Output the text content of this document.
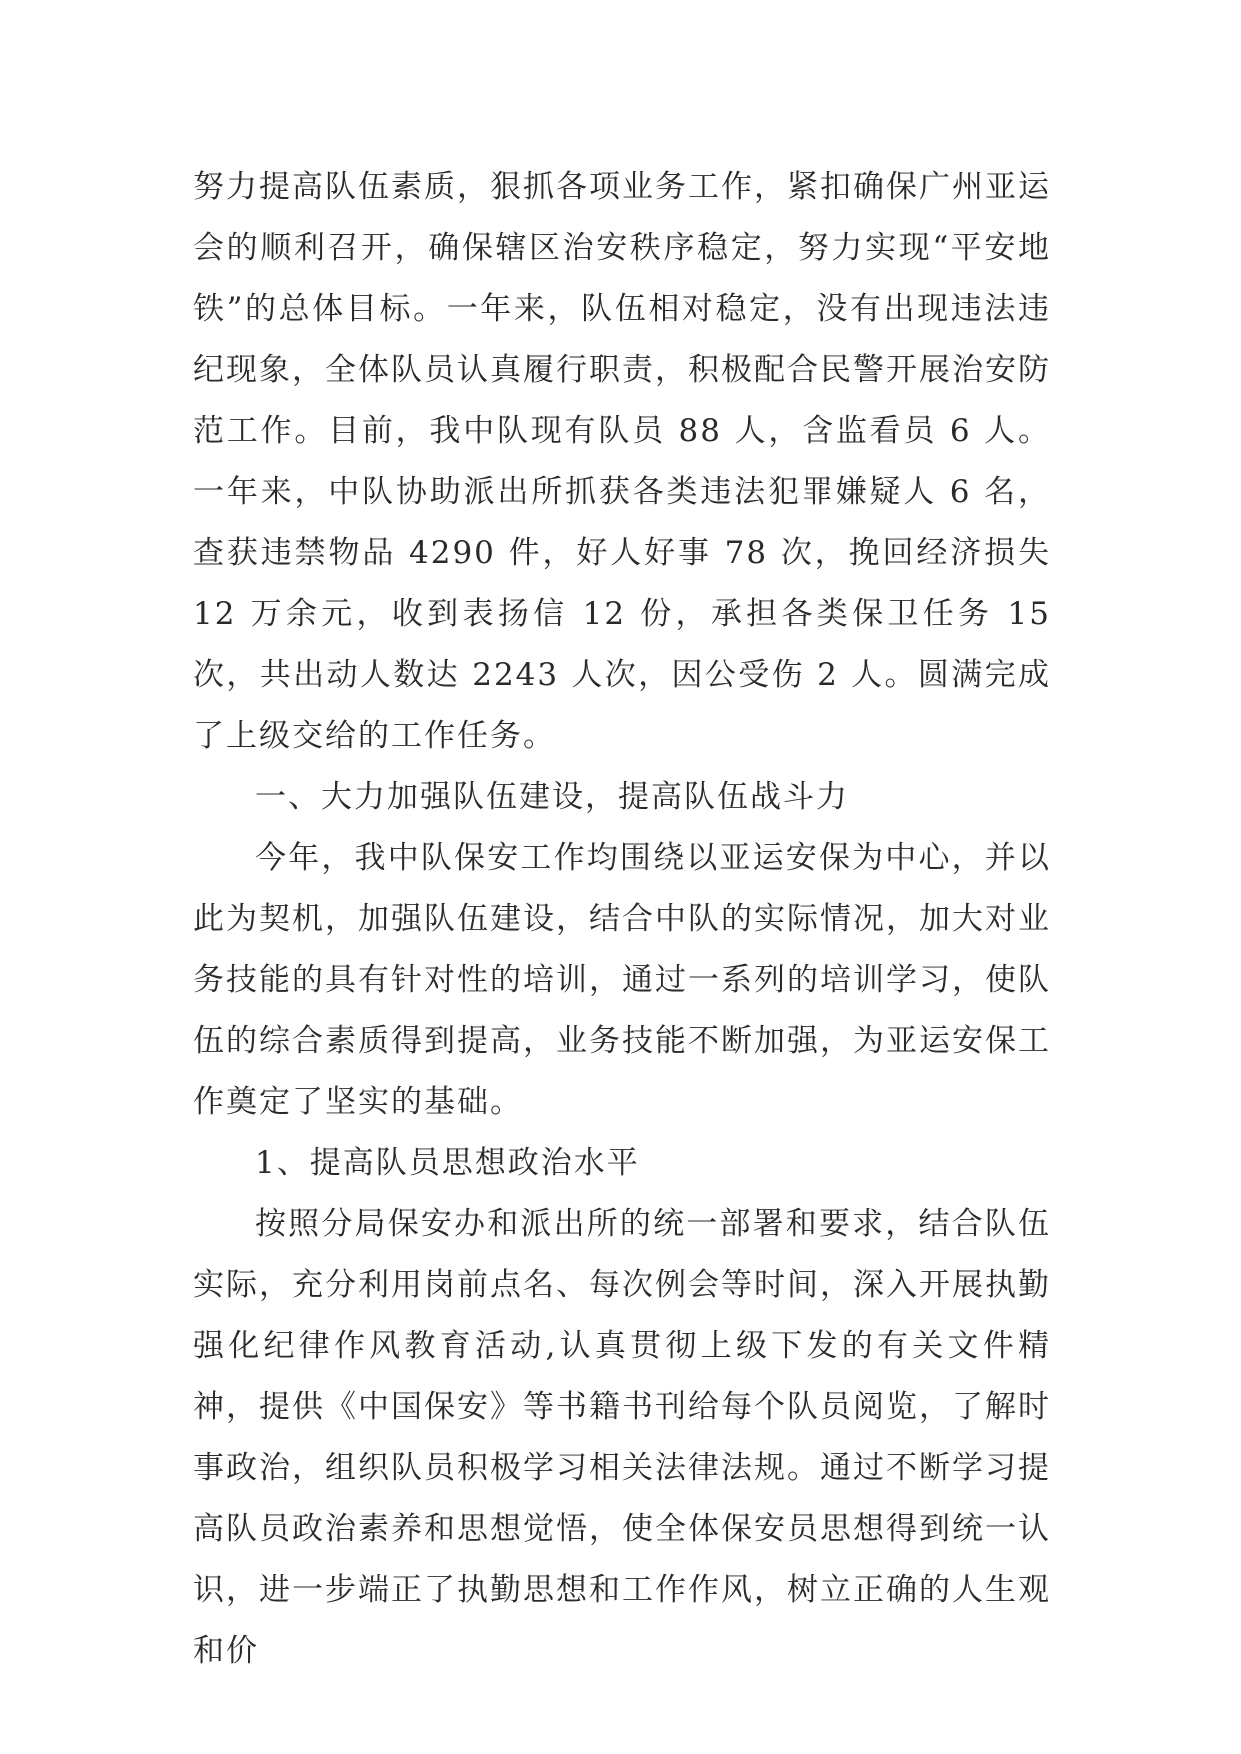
努力提高队伍素质，狠抓各项业务工作，紧扣确保广州亚运会的顺利召开，确保辖区治安秩序稳定，努力实现“平安地铁”的总体目标。一年来，队伍相对稳定，没有出现违法违纪现象，全体队员认真履行职责，积极配合民警开展治安防范工作。目前，我中队现有队员 88 人，含监看员 6 人。一年来，中队协助派出所抓获各类违法犯罪嫌疑人 6 名，查获违禁物品 4290 件，好人好事 78 次，挽回经济损失 12 万余元，收到表扬信 12 份，承担各类保卫任务 15 次，共出动人数达 2243 人次，因公受伤 2 人。圆满完成了上级交给的工作任务。

一、大力加强队伍建设，提高队伍战斗力

今年，我中队保安工作均围绕以亚运安保为中心，并以此为契机，加强队伍建设，结合中队的实际情况，加大对业务技能的具有针对性的培训，通过一系列的培训学习，使队伍的综合素质得到提高，业务技能不断加强，为亚运安保工作奠定了坚实的基础。

1、提高队员思想政治水平

按照分局保安办和派出所的统一部署和要求，结合队伍实际，充分利用岗前点名、每次例会等时间，深入开展执勤强化纪律作风教育活动,认真贯彻上级下发的有关文件精神，提供《中国保安》等书籍书刊给每个队员阅览，了解时事政治，组织队员积极学习相关法律法规。通过不断学习提高队员政治素养和思想觉悟，使全体保安员思想得到统一认识，进一步端正了执勤思想和工作作风，树立正确的人生观和价
